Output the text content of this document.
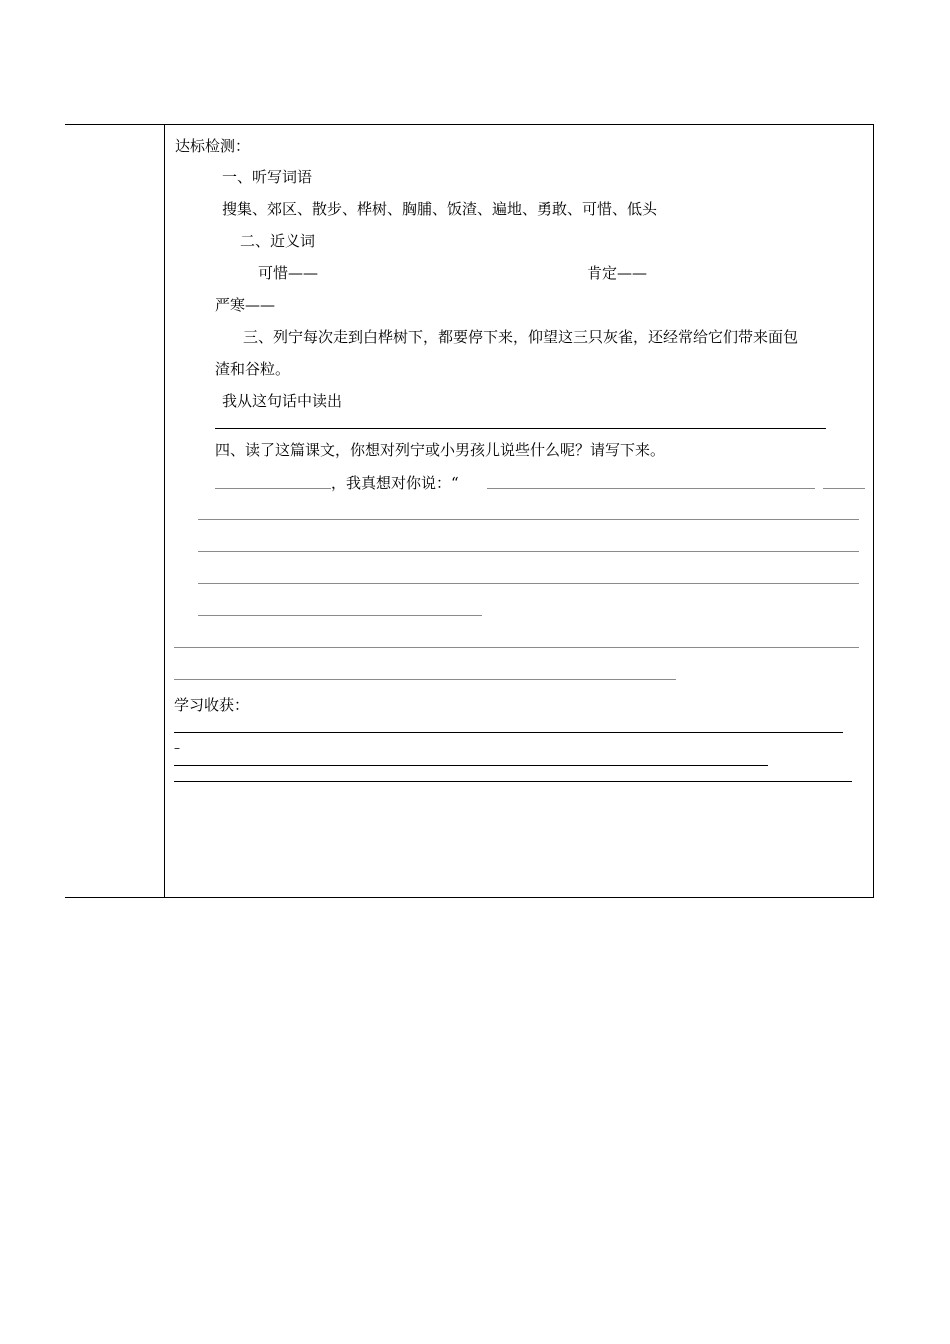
达标检测：
一、听写词语
搜集、郊区、散步、桦树、胸脯、饭渣、遍地、勇敢、可惜、低头
二、近义词
可惜——	肯定——
严寒——
三、列宁每次走到白桦树下，都要停下来，仰望这三只灰雀，还经常给它们带来面包
渣和谷粒。
我从这句话中读出
四、读了这篇课文，你想对列宁或小男孩儿说些什么呢？请写下来。
，我真想对你说：“
学习收获：
–
